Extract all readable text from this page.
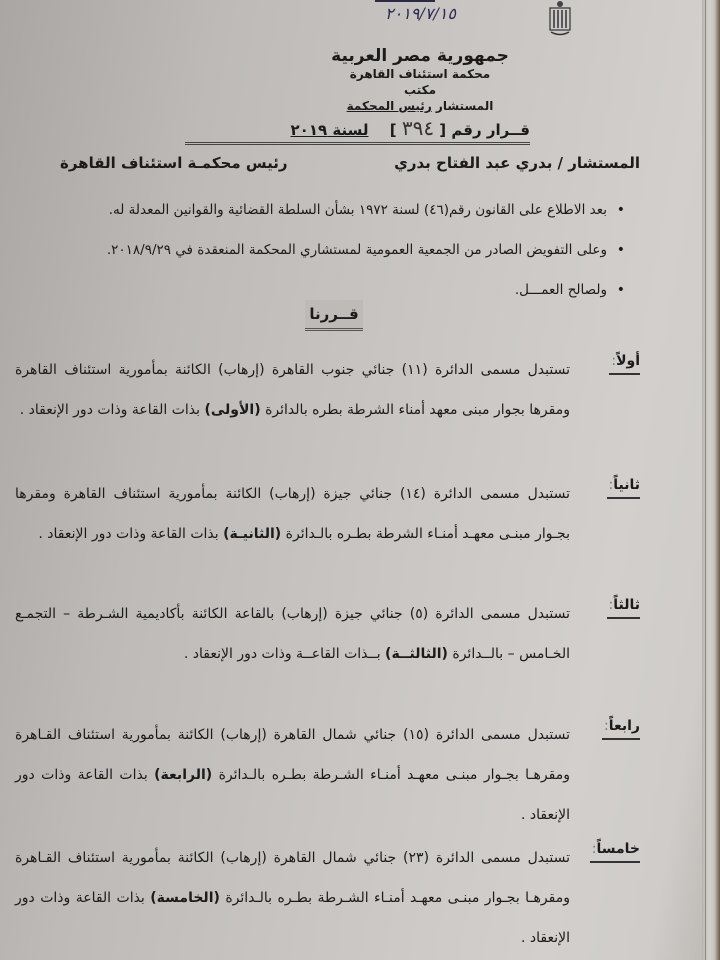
٢٠١٩/٧/١٥
جمهورية مصر العربية
محكمة استئناف القاهرة
مكتب
المستشار رئيس المحكمة
قــرار رقم [ ٣٩٤ ] لسنة ٢٠١٩
المستشار / بدري عبد الفتاح بدري
رئيس محكمـة استئناف القاهرة
• بعد الاطلاع على القانون رقم(٤٦) لسنة ١٩٧٢ بشأن السلطة القضائية والقوانين المعدلة له.
• وعلى التفويض الصادر من الجمعية العمومية لمستشاري المحكمة المنعقدة في ٢٠١٨/٩/٢٩.
• ولصالح العمـــل.
قــررنا
أولاً:
تستبدل مسمى الدائرة (١١) جنائي جنوب القاهرة (إرهاب) الكائنة بمأمورية استئناف القاهرة ومقرها بجوار مبنى معهد أمناء الشرطة بطره بالدائرة (الأولى) بذات القاعة وذات دور الإنعقاد .
ثانياً:
تستبدل مسمى الدائرة (١٤) جنائي جيزة (إرهاب) الكائنة بمأمورية استئناف القاهرة ومقرها بجـوار مبنـى معهـد أمنـاء الشرطة بطـره بالـدائرة (الثانيـة) بذات القاعة وذات دور الإنعقاد .
ثالثاً:
تستبدل مسمى الدائرة (٥) جنائي جيزة (إرهاب) بالقاعة الكائنة بأكاديمية الشـرطة – التجمـع الخـامس – بالــدائرة (الثالثــة) بــذات القاعــة وذات دور الإنعقاد .
رابعاً:
تستبدل مسمى الدائرة (١٥) جنائي شمال القاهرة (إرهاب) الكائنة بمأمورية استئناف القـاهرة ومقرهـا بجـوار مبنـى معهـد أمنـاء الشـرطة بطـره بالـدائرة (الرابعة) بذات القاعة وذات دور الإنعقاد .
خامساً:
تستبدل مسمى الدائرة (٢٣) جنائي شمال القاهرة (إرهاب) الكائنة بمأمورية استئناف القـاهرة ومقرهـا بجـوار مبنـى معهـد أمنـاء الشـرطة بطـره بالـدائرة (الخامسة) بذات القاعة وذات دور الإنعقاد .
